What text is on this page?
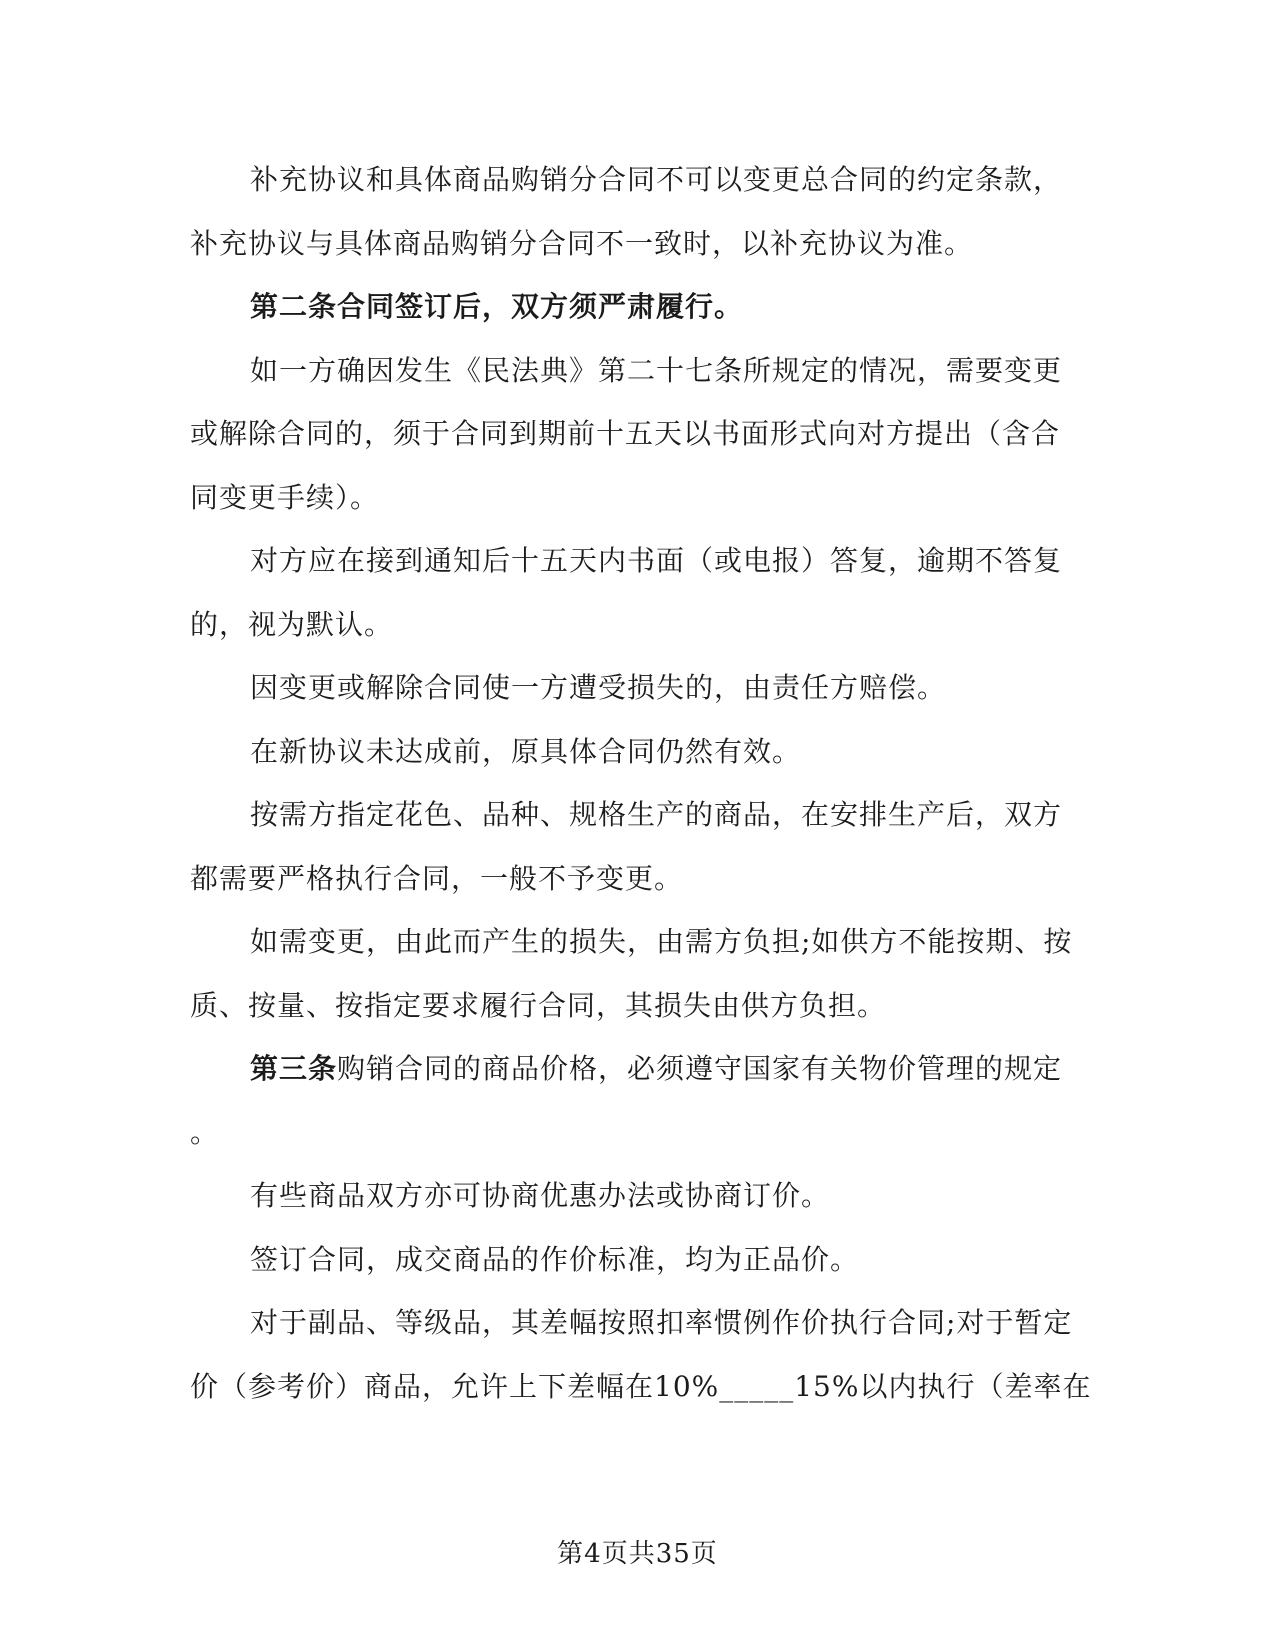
补充协议和具体商品购销分合同不可以变更总合同的约定条款，
补充协议与具体商品购销分合同不一致时，以补充协议为准。
第二条合同签订后，双方须严肃履行。
如一方确因发生《民法典》第二十七条所规定的情况，需要变更
或解除合同的，须于合同到期前十五天以书面形式向对方提出（含合
同变更手续）。
对方应在接到通知后十五天内书面（或电报）答复，逾期不答复
的，视为默认。
因变更或解除合同使一方遭受损失的，由责任方赔偿。
在新协议未达成前，原具体合同仍然有效。
按需方指定花色、品种、规格生产的商品，在安排生产后，双方
都需要严格执行合同，一般不予变更。
如需变更，由此而产生的损失，由需方负担;如供方不能按期、按
质、按量、按指定要求履行合同，其损失由供方负担。
第三条购销合同的商品价格，必须遵守国家有关物价管理的规定
。
有些商品双方亦可协商优惠办法或协商订价。
签订合同，成交商品的作价标准，均为正品价。
对于副品、等级品，其差幅按照扣率惯例作价执行合同;对于暂定
价（参考价）商品，允许上下差幅在10%_____15%以内执行（差率在
第4页共35页
